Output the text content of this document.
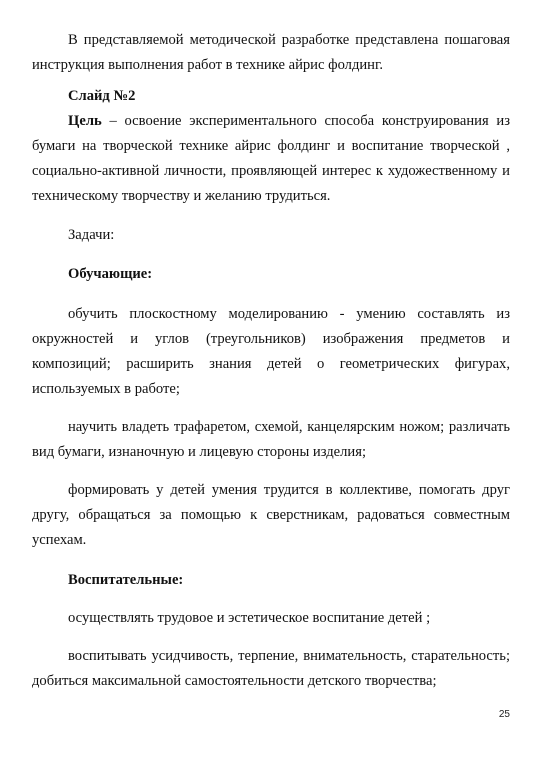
В представляемой методической разработке представлена пошаговая инструкция выполнения работ в технике айрис фолдинг.

Слайд №2

Цель – освоение экспериментального способа конструирования из бумаги на творческой технике айрис фолдинг и воспитание творческой , социально-активной личности, проявляющей интерес к художественному и техническому творчеству и желанию трудиться.

Задачи:

Обучающие:

обучить плоскостному моделированию - умению составлять из окружностей и углов (треугольников) изображения предметов и композиций; расширить знания детей о геометрических фигурах, используемых в работе;

научить владеть трафаретом, схемой, канцелярским ножом; различать вид бумаги, изнаночную и лицевую стороны изделия;

формировать у детей умения трудится в коллективе, помогать друг другу, обращаться за помощью к сверстникам, радоваться совместным успехам.

Воспитательные:

осуществлять трудовое и эстетическое воспитание детей ;

воспитывать усидчивость, терпение, внимательность, старательность; добиться максимальной самостоятельности детского творчества;

25
